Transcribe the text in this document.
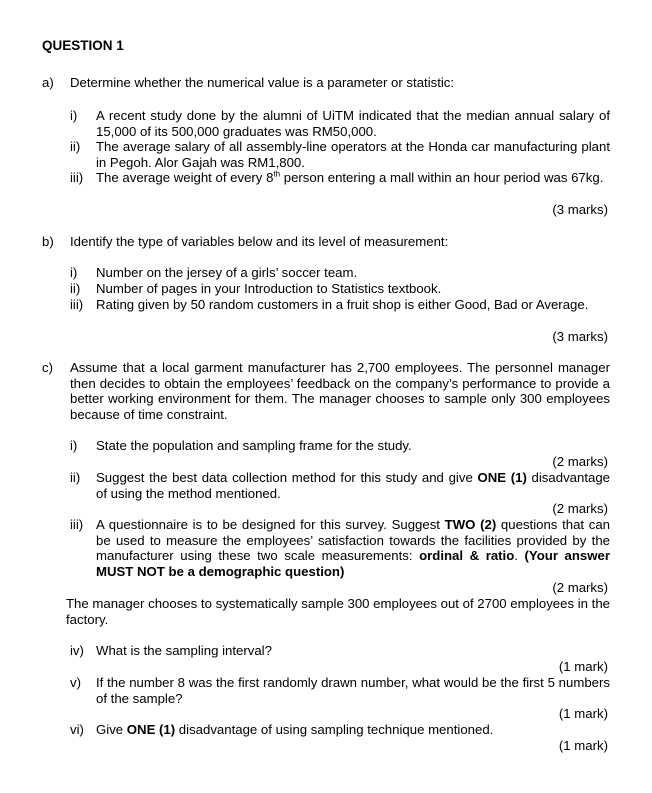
QUESTION 1
a)	Determine whether the numerical value is a parameter or statistic:
i)	A recent study done by the alumni of UiTM indicated that the median annual salary of 15,000 of its 500,000 graduates was RM50,000.
ii)	The average salary of all assembly-line operators at the Honda car manufacturing plant in Pegoh. Alor Gajah was RM1,800.
iii) The average weight of every 8th person entering a mall within an hour period was 67kg.
(3 marks)
b)	Identify the type of variables below and its level of measurement:
i)	Number on the jersey of a girls’ soccer team.
ii)	Number of pages in your Introduction to Statistics textbook.
iii) Rating given by 50 random customers in a fruit shop is either Good, Bad or Average.
(3 marks)
c)	Assume that a local garment manufacturer has 2,700 employees. The personnel manager then decides to obtain the employees’ feedback on the company’s performance to provide a better working environment for them. The manager chooses to sample only 300 employees because of time constraint.
i)	State the population and sampling frame for the study.
(2 marks)
ii)	Suggest the best data collection method for this study and give ONE (1) disadvantage of using the method mentioned.
(2 marks)
iii) A questionnaire is to be designed for this survey. Suggest TWO (2) questions that can be used to measure the employees’ satisfaction towards the facilities provided by the manufacturer using these two scale measurements: ordinal & ratio. (Your answer MUST NOT be a demographic question)
(2 marks)
The manager chooses to systematically sample 300 employees out of 2700 employees in the factory.
iv) What is the sampling interval?
(1 mark)
v)	If the number 8 was the first randomly drawn number, what would be the first 5 numbers of the sample?
(1 mark)
vi) Give ONE (1) disadvantage of using sampling technique mentioned.
(1 mark)
